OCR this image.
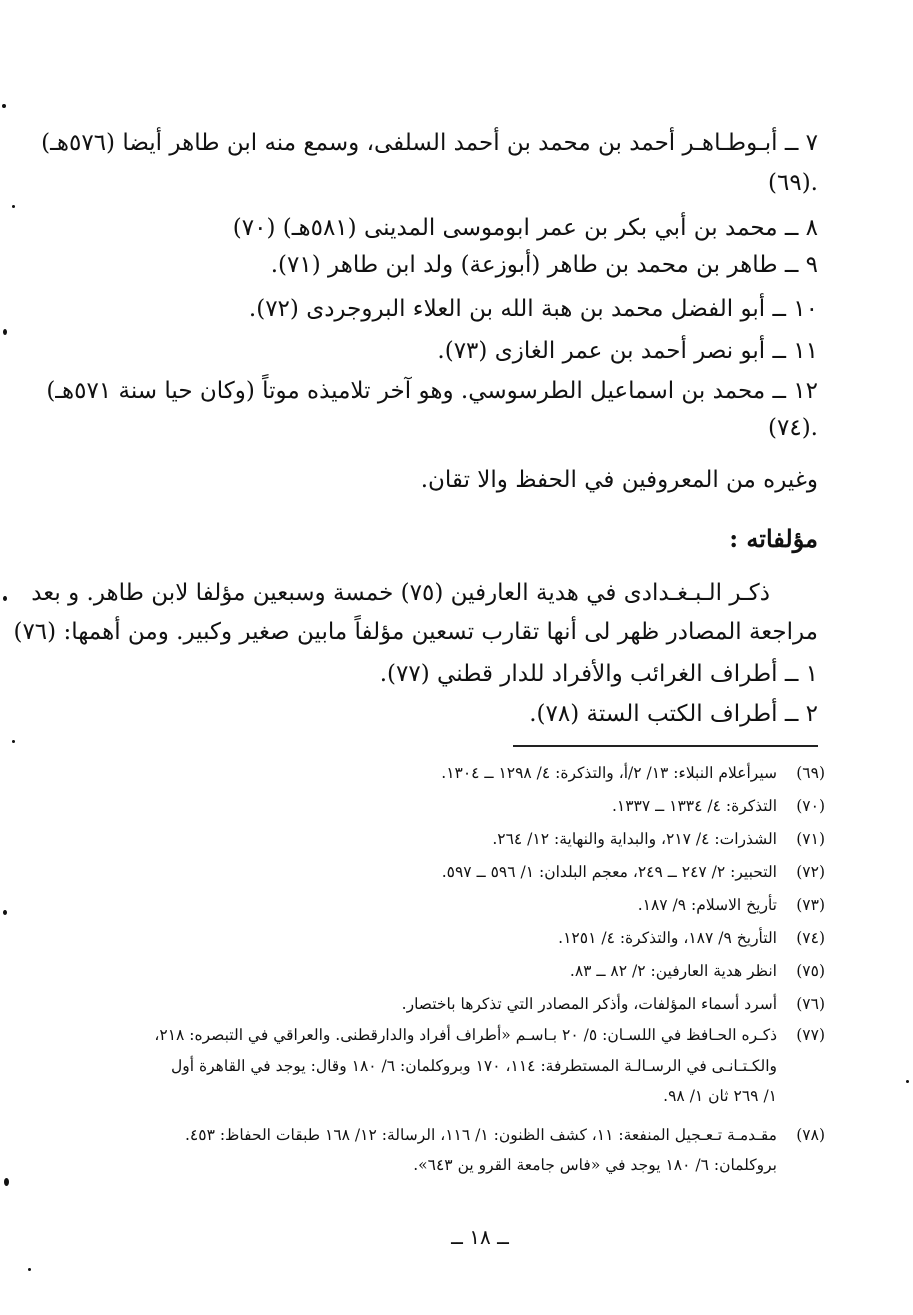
٧ ــ أبـوطـاهـر أحمد بن محمد بن أحمد السلفى، وسمع منه ابن طاهر أيضا (٥٧٦هـ)
(٦٩).
٨ ــ محمد بن أبي بكر بن عمر ابوموسى المدينى (٥٨١هـ) (٧٠)
٩ ــ طاهر بن محمد بن طاهر (أبوزعة) ولد ابن طاهر (٧١).
١٠ ــ أبو الفضل محمد بن هبة الله بن العلاء البروجردى (٧٢).
١١ ــ أبو نصر أحمد بن عمر الغازى (٧٣).
١٢ ــ محمد بن اسماعيل الطرسوسي. وهو آخر تلاميذه موتاً (وكان حيا سنة ٥٧١هـ)
(٧٤).
وغيره من المعروفين في الحفظ والا تقان.
مؤلفاته :
ذكـر الـبـغـدادى في هدية العارفين (٧٥) خمسة وسبعين مؤلفا لابن طاهر. و بعد
مراجعة المصادر ظهر لى أنها تقارب تسعين مؤلفاً مابين صغير وكبير. ومن أهمها: (٧٦)
١ ــ أطراف الغرائب والأفراد للدار قطني (٧٧).
٢ ــ أطراف الكتب الستة (٧٨).
(٦٩)
سيرأعلام النبلاء: ١٣/ ٢/أ، والتذكرة: ٤/ ١٢٩٨ ــ ١٣٠٤.
(٧٠)
التذكرة: ٤/ ١٣٣٤ ــ ١٣٣٧.
(٧١)
الشذرات: ٤/ ٢١٧، والبداية والنهاية: ١٢/ ٢٦٤.
(٧٢)
التحبير: ٢/ ٢٤٧ ــ ٢٤٩، معجم البلدان: ١/ ٥٩٦ ــ ٥٩٧.
(٧٣)
تأريخ الاسلام: ٩/ ١٨٧.
(٧٤)
التأريخ ٩/ ١٨٧، والتذكرة: ٤/ ١٢٥١.
(٧٥)
انظر هدية العارفين: ٢/ ٨٢ ــ ٨٣.
(٧٦)
أسرد أسماء المؤلفات، وأذكر المصادر التي تذكرها باختصار.
(٧٧)
ذكـره الحـافظ في اللسـان: ٥/ ٢٠ بـاسـم «أطراف أفراد والدارقطنى. والعراقي في التبصره: ٢١٨،
والكـتـانـى في الرسـالـة المستطرفة: ١١٤، ١٧٠ وبروكلمان: ٦/ ١٨٠ وقال: يوجد في القاهرة أول
١/ ٢٦٩ ثان ١/ ٩٨.
(٧٨)
مقـدمـة تـعـجيل المنفعة: ١١، كشف الظنون: ١/ ١١٦، الرسالة: ١٢/ ١٦٨ طبقات الحفاظ: ٤٥٣.
بروكلمان: ٦/ ١٨٠ يوجد في «فاس جامعة القرو ين ٦٤٣».
ــ ١٨ ــ
